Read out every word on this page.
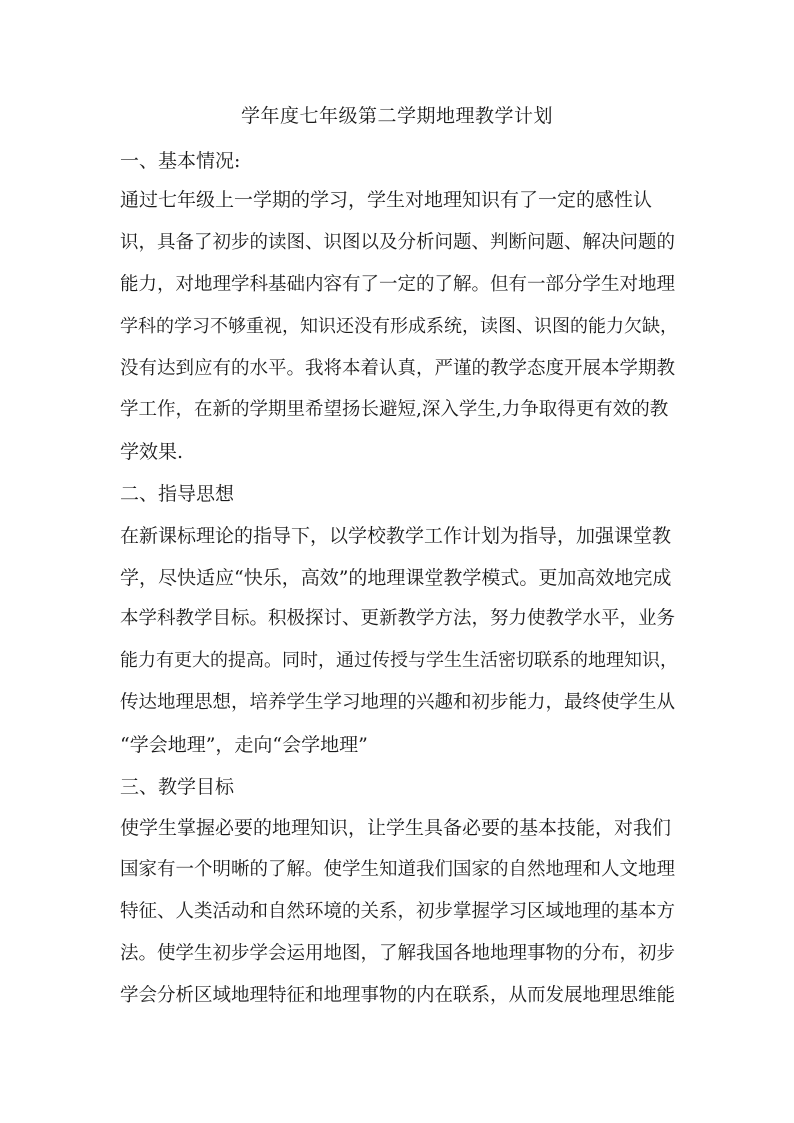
学年度七年级第二学期地理教学计划
一、基本情况:
通过七年级上一学期的学习，学生对地理知识有了一定的感性认
识，具备了初步的读图、识图以及分析问题、判断问题、解决问题的
能力，对地理学科基础内容有了一定的了解。但有一部分学生对地理
学科的学习不够重视，知识还没有形成系统，读图、识图的能力欠缺，
没有达到应有的水平。我将本着认真，严谨的教学态度开展本学期教
学工作，在新的学期里希望扬长避短,深入学生,力争取得更有效的教
学效果.
二、指导思想
在新课标理论的指导下，以学校教学工作计划为指导，加强课堂教
学，尽快适应“快乐，高效”的地理课堂教学模式。更加高效地完成
本学科教学目标。积极探讨、更新教学方法，努力使教学水平，业务
能力有更大的提高。同时，通过传授与学生生活密切联系的地理知识，
传达地理思想，培养学生学习地理的兴趣和初步能力，最终使学生从
“学会地理”，走向“会学地理”
三、教学目标
使学生掌握必要的地理知识，让学生具备必要的基本技能，对我们
国家有一个明晰的了解。使学生知道我们国家的自然地理和人文地理
特征、人类活动和自然环境的关系，初步掌握学习区域地理的基本方
法。使学生初步学会运用地图，了解我国各地地理事物的分布，初步
学会分析区域地理特征和地理事物的内在联系，从而发展地理思维能
